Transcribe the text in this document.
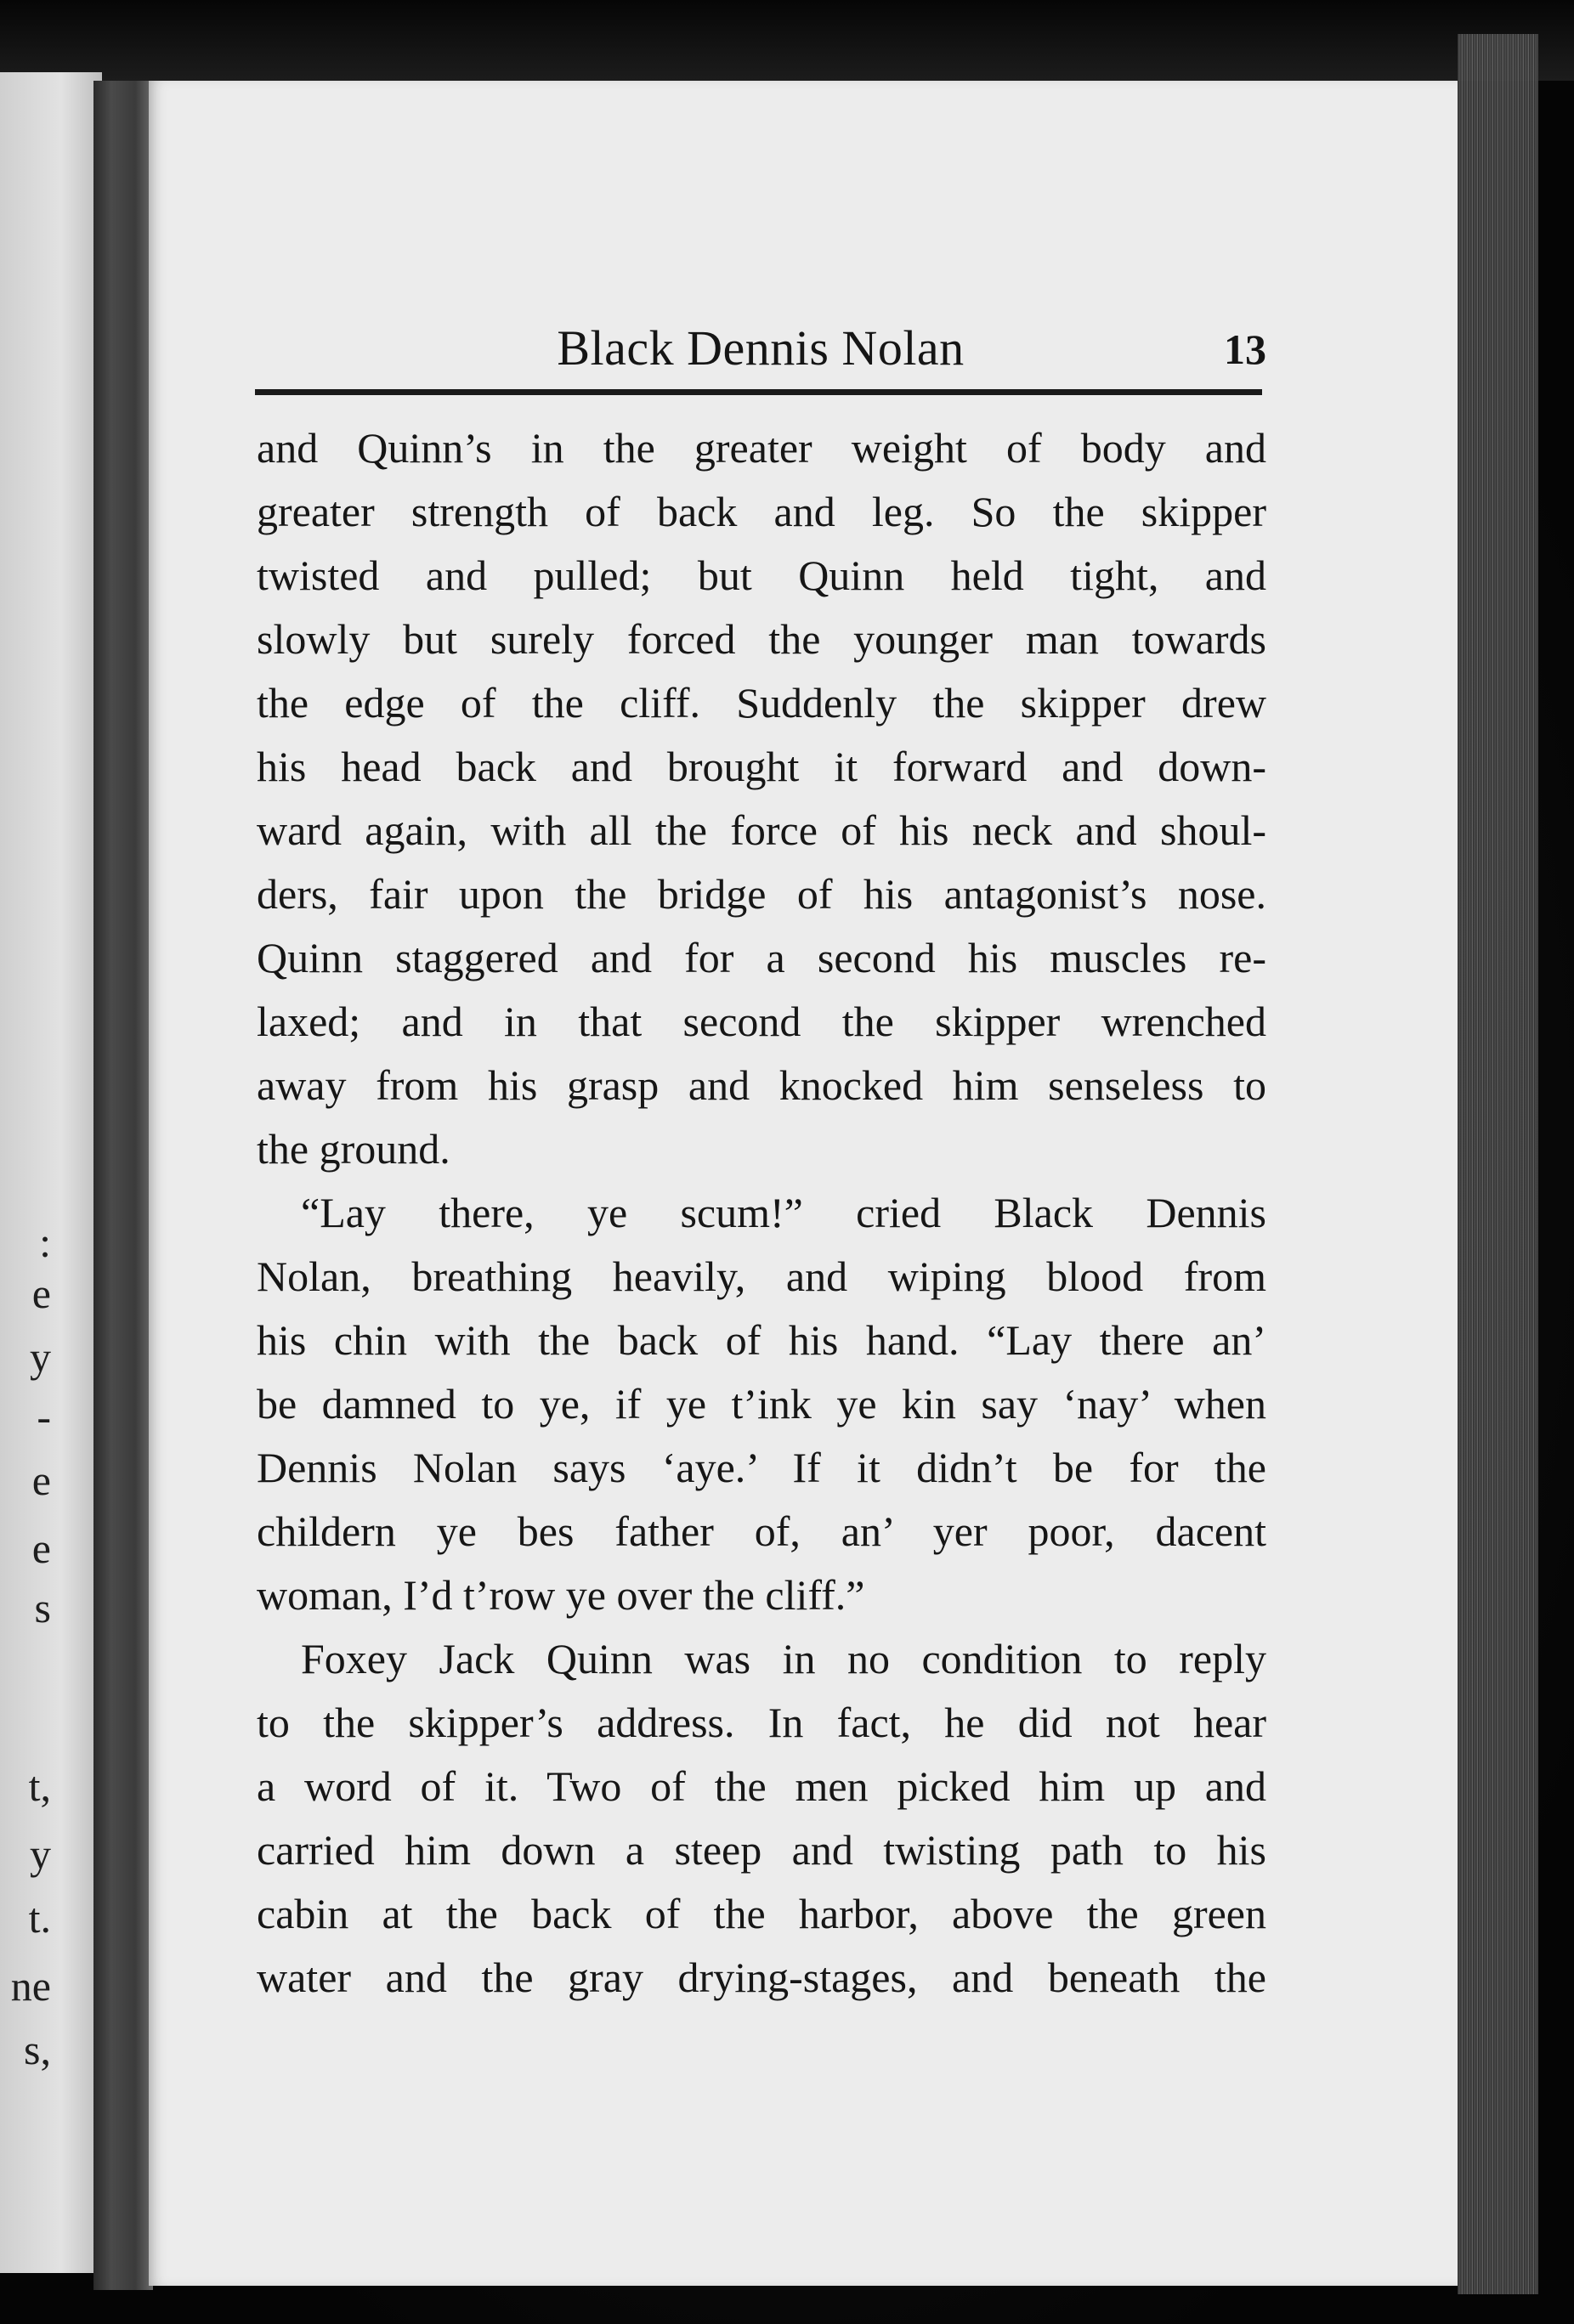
:
e
y
-
e
e
s
t,
y
t.
ne
s,
Black Dennis Nolan	13
and Quinn’s in the greater weight of body and
greater strength of back and leg. So the skipper
twisted and pulled; but Quinn held tight, and
slowly but surely forced the younger man towards
the edge of the cliff. Suddenly the skipper drew
his head back and brought it forward and down-
ward again, with all the force of his neck and shoul-
ders, fair upon the bridge of his antagonist’s nose.
Quinn staggered and for a second his muscles re-
laxed; and in that second the skipper wrenched
away from his grasp and knocked him senseless to
the ground.
“Lay there, ye scum!” cried Black Dennis
Nolan, breathing heavily, and wiping blood from
his chin with the back of his hand. “Lay there an’
be damned to ye, if ye t’ink ye kin say ‘nay’ when
Dennis Nolan says ‘aye.’ If it didn’t be for the
childern ye bes father of, an’ yer poor, dacent
woman, I’d t’row ye over the cliff.”
Foxey Jack Quinn was in no condition to reply
to the skipper’s address. In fact, he did not hear
a word of it. Two of the men picked him up and
carried him down a steep and twisting path to his
cabin at the back of the harbor, above the green
water and the gray drying-stages, and beneath the
